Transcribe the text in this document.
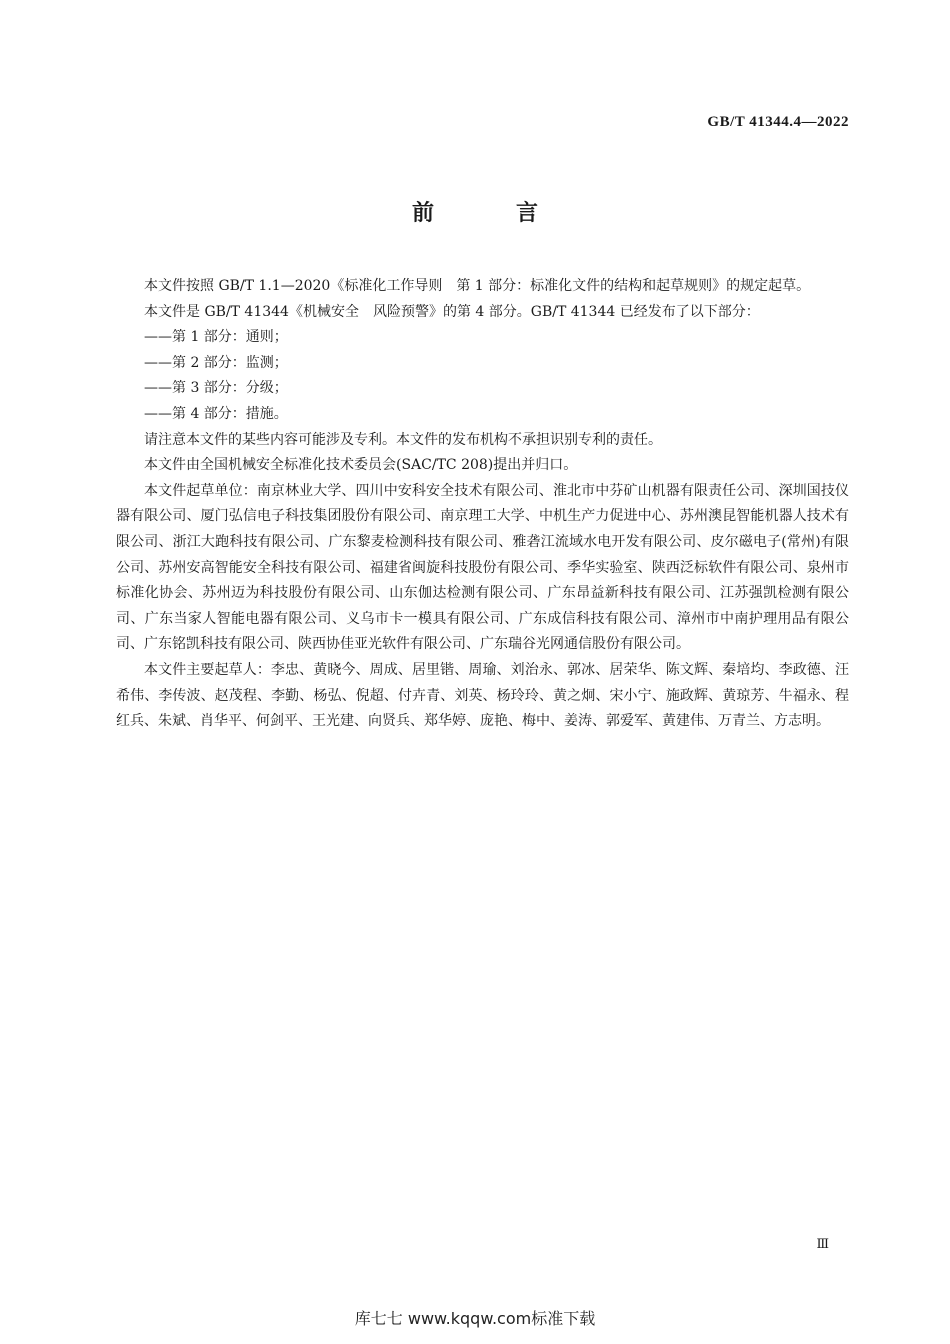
GB/T 41344.4—2022
前　言

本文件按照 GB/T 1.1—2020《标准化工作导则　第 1 部分：标准化文件的结构和起草规则》的规定起草。

本文件是 GB/T 41344《机械安全　风险预警》的第 4 部分。GB/T 41344 已经发布了以下部分：

——第 1 部分：通则；

——第 2 部分：监测；

——第 3 部分：分级；

——第 4 部分：措施。

请注意本文件的某些内容可能涉及专利。本文件的发布机构不承担识别专利的责任。

本文件由全国机械安全标准化技术委员会(SAC/TC 208)提出并归口。

本文件起草单位：南京林业大学、四川中安科安全技术有限公司、淮北市中芬矿山机器有限责任公司、深圳国技仪器有限公司、厦门弘信电子科技集团股份有限公司、南京理工大学、中机生产力促进中心、苏州澳昆智能机器人技术有限公司、浙江大跑科技有限公司、广东黎麦检测科技有限公司、雅砻江流域水电开发有限公司、皮尔磁电子(常州)有限公司、苏州安高智能安全科技有限公司、福建省闽旋科技股份有限公司、季华实验室、陕西泛标软件有限公司、泉州市标准化协会、苏州迈为科技股份有限公司、山东伽达检测有限公司、广东昂益新科技有限公司、江苏强凯检测有限公司、广东当家人智能电器有限公司、义乌市卡一模具有限公司、广东成信科技有限公司、漳州市中南护理用品有限公司、广东铭凯科技有限公司、陕西协佳亚光软件有限公司、广东瑞谷光网通信股份有限公司。

本文件主要起草人：李忠、黄晓今、周成、居里锴、周瑜、刘治永、郭冰、居荣华、陈文辉、秦培均、李政德、汪希伟、李传波、赵茂程、李勤、杨弘、倪超、付卉青、刘英、杨玲玲、黄之炯、宋小宁、施政辉、黄琼芳、牛福永、程红兵、朱斌、肖华平、何剑平、王光建、向贤兵、郑华婷、庞艳、梅中、姜涛、郭爱军、黄建伟、万青兰、方志明。

Ⅲ
库七七 www.kqqw.com标准下载
